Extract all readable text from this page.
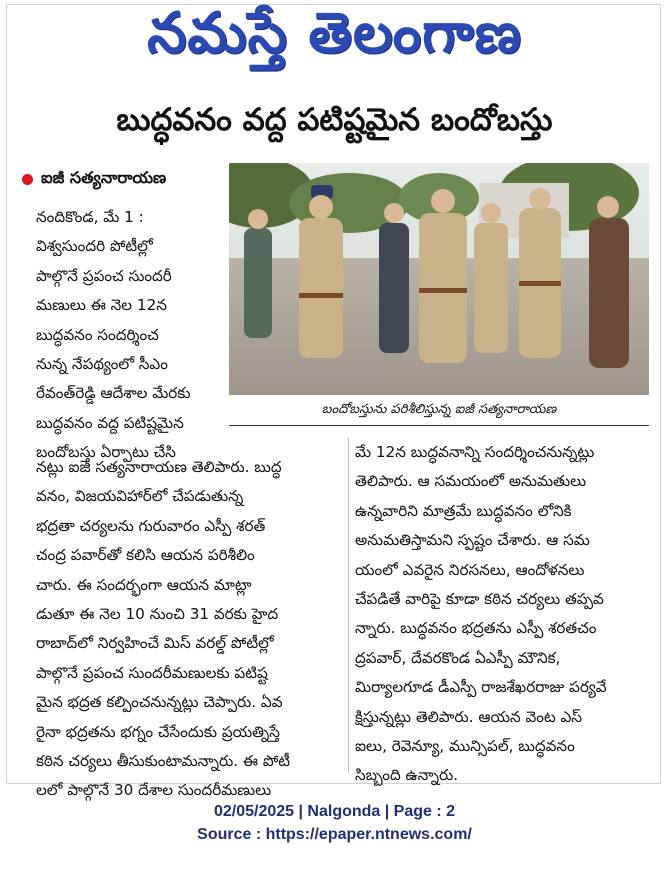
నమస్తే తెలంగాణ
బుద్ధవనం వద్ద పటిష్టమైన బందోబస్తు
ఐజీ సత్యనారాయణ
నందికొండ, మే 1 :
విశ్వసుందరి పోటీల్లో
పాల్గొనే ప్రపంచ సుందరీ
మణులు ఈ నెల 12న
బుద్ధవనం సందర్శించ
నున్న నేపథ్యంలో సీఎం
రేవంత్‌రెడ్డి ఆదేశాల మేరకు
బుద్ధవనం వద్ద పటిష్టమైన
బందోబస్తు ఏర్పాటు చేసి
బందోబస్తును పరిశీలిస్తున్న ఐజీ సత్యనారాయణ
నట్లు ఐజీ సత్యనారాయణ తెలిపారు. బుద్ధ
వనం, విజయవిహార్‌లో చేపడుతున్న
భద్రతా చర్యలను గురువారం ఎస్పీ శరత్
చంద్ర పవార్‌తో కలిసి ఆయన పరిశీలిం
చారు. ఈ సందర్భంగా ఆయన మాట్లా
డుతూ ఈ నెల 10 నుంచి 31 వరకు హైద
రాబాద్‌లో నిర్వహించే మిస్ వరల్డ్ పోటీల్లో
పాల్గొనే ప్రపంచ సుందరీమణులకు పటిష్ట
మైన భద్రత కల్పించనున్నట్లు చెప్పారు. ఏవ
రైనా భద్రతను భగ్నం చేసేందుకు ప్రయత్నిస్తే
కఠిన చర్యలు తీసుకుంటామన్నారు. ఈ పోటీ
లలో పాల్గొనే 30 దేశాల సుందరీమణులు
మే 12న బుద్ధవనాన్ని సందర్శించనున్నట్లు
తెలిపారు. ఆ సమయంలో అనుమతులు
ఉన్నవారిని మాత్రమే బుద్ధవనం లోనికి
అనుమతిస్తామని స్పష్టం చేశారు. ఆ సమ
యంలో ఎవరైన నిరసనలు, ఆందోళనలు
చేపడితే వారిపై కూడా కఠిన చర్యలు తప్పవ
న్నారు. బుద్ధవనం భద్రతను ఎస్పీ శరతచం
ద్రపవార్, దేవరకొండ ఏఎస్పీ మౌనిక,
మిర్యాలగూడ డీఎస్పీ రాజశేఖరరాజు పర్యవే
క్షిస్తున్నట్లు తెలిపారు. ఆయన వెంట ఎస్
ఐలు, రెవెన్యూ, మున్సిపల్, బుద్ధవనం
సిబ్బంది ఉన్నారు.
02/05/2025 | Nalgonda | Page : 2
Source : https://epaper.ntnews.com/
